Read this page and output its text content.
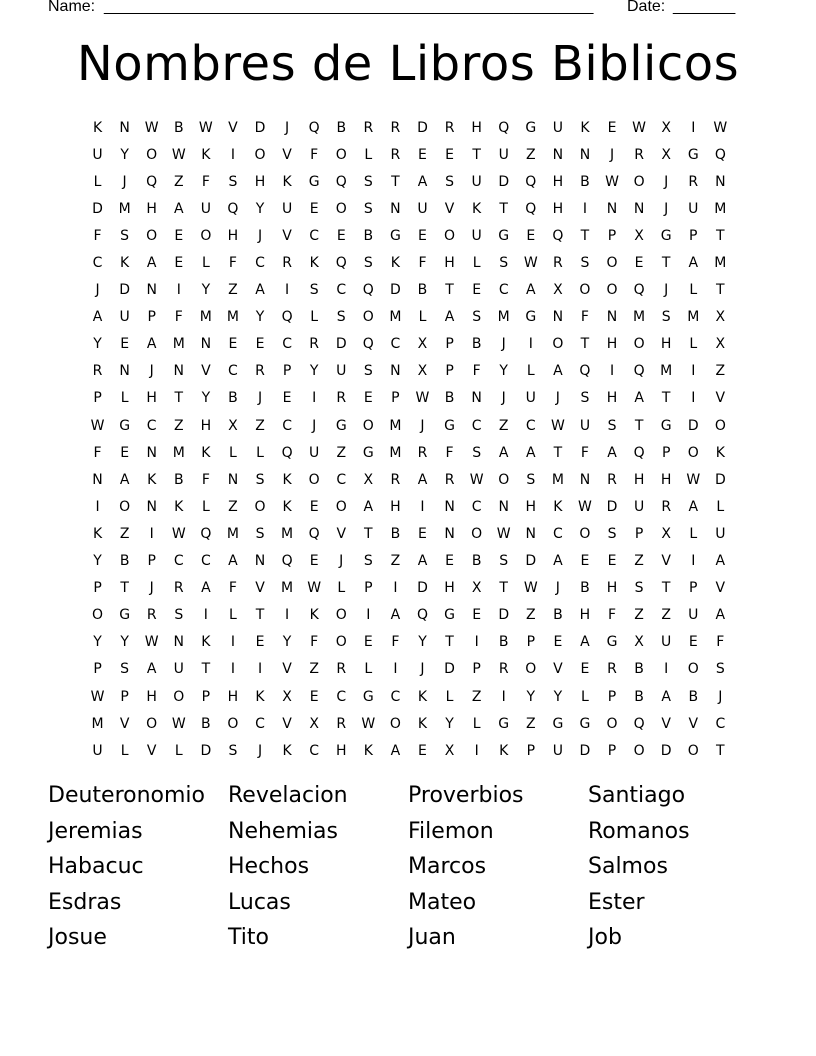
Name:

_______________________________________________________

Date:

_______

Nombres de Libros Biblicos
K	N	W	B	W	V	D	J	Q	B	R	R	D	R	H	Q	G	U	K	E	W	X	I	W
U	Y	O	W	K	I	O	V	F	O	L	R	E	E	T	U	Z	N	N	J	R	X	G	Q
L	J	Q	Z	F	S	H	K	G	Q	S	T	A	S	U	D	Q	H	B	W	O	J	R	N
D	M	H	A	U	Q	Y	U	E	O	S	N	U	V	K	T	Q	H	I	N	N	J	U	M
F	S	O	E	O	H	J	V	C	E	B	G	E	O	U	G	E	Q	T	P	X	G	P	T
C	K	A	E	L	F	C	R	K	Q	S	K	F	H	L	S	W	R	S	O	E	T	A	M
J	D	N	I	Y	Z	A	I	S	C	Q	D	B	T	E	C	A	X	O	O	Q	J	L	T
A	U	P	F	M	M	Y	Q	L	S	O	M	L	A	S	M	G	N	F	N	M	S	M	X
Y	E	A	M	N	E	E	C	R	D	Q	C	X	P	B	J	I	O	T	H	O	H	L	X
R	N	J	N	V	C	R	P	Y	U	S	N	X	P	F	Y	L	A	Q	I	Q	M	I	Z
P	L	H	T	Y	B	J	E	I	R	E	P	W	B	N	J	U	J	S	H	A	T	I	V
W	G	C	Z	H	X	Z	C	J	G	O	M	J	G	C	Z	C	W	U	S	T	G	D	O
F	E	N	M	K	L	L	Q	U	Z	G	M	R	F	S	A	A	T	F	A	Q	P	O	K
N	A	K	B	F	N	S	K	O	C	X	R	A	R	W	O	S	M	N	R	H	H	W	D
I	O	N	K	L	Z	O	K	E	O	A	H	I	N	C	N	H	K	W	D	U	R	A	L
K	Z	I	W	Q	M	S	M	Q	V	T	B	E	N	O	W	N	C	O	S	P	X	L	U
Y	B	P	C	C	A	N	Q	E	J	S	Z	A	E	B	S	D	A	E	E	Z	V	I	A
P	T	J	R	A	F	V	M	W	L	P	I	D	H	X	T	W	J	B	H	S	T	P	V
O	G	R	S	I	L	T	I	K	O	I	A	Q	G	E	D	Z	B	H	F	Z	Z	U	A
Y	Y	W	N	K	I	E	Y	F	O	E	F	Y	T	I	B	P	E	A	G	X	U	E	F
P	S	A	U	T	I	I	V	Z	R	L	I	J	D	P	R	O	V	E	R	B	I	O	S
W	P	H	O	P	H	K	X	E	C	G	C	K	L	Z	I	Y	Y	L	P	B	A	B	J
M	V	O	W	B	O	C	V	X	R	W	O	K	Y	L	G	Z	G	G	O	Q	V	V	C
U	L	V	L	D	S	J	K	C	H	K	A	E	X	I	K	P	U	D	P	O	D	O	T
Deuteronomio	Revelacion	Proverbios	Santiago
Jeremias	Nehemias	Filemon	Romanos
Habacuc	Hechos	Marcos	Salmos
Esdras	Lucas	Mateo	Ester
Josue	Tito	Juan	Job
